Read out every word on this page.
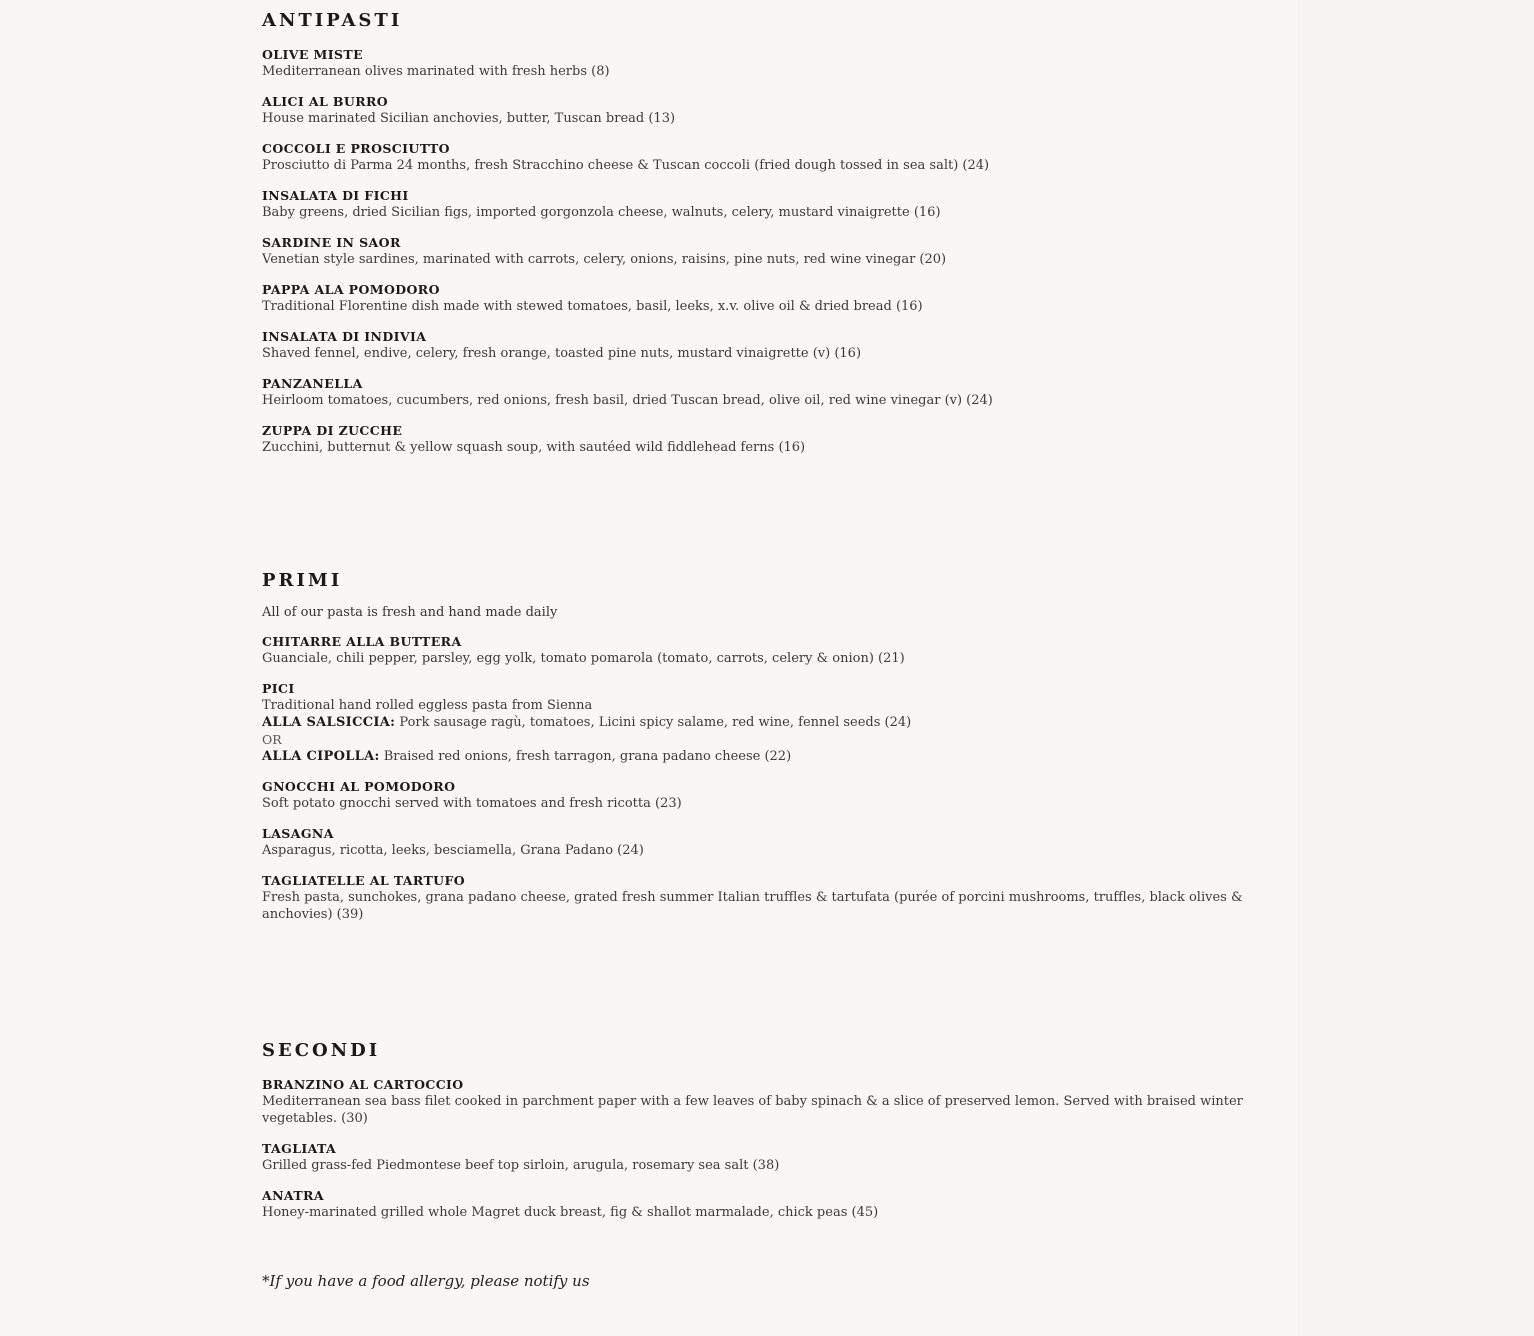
ANTIPASTI
OLIVE MISTE
Mediterranean olives marinated with fresh herbs (8)
ALICI AL BURRO
House marinated Sicilian anchovies, butter, Tuscan bread (13)
COCCOLI E PROSCIUTTO
Prosciutto di Parma 24 months, fresh Stracchino cheese & Tuscan coccoli (fried dough tossed in sea salt) (24)
INSALATA DI FICHI
Baby greens, dried Sicilian figs, imported gorgonzola cheese, walnuts, celery, mustard vinaigrette (16)
SARDINE IN SAOR
Venetian style sardines, marinated with carrots, celery, onions, raisins, pine nuts, red wine vinegar (20)
PAPPA ALA POMODORO
Traditional Florentine dish made with stewed tomatoes, basil, leeks, x.v. olive oil & dried bread (16)
INSALATA DI INDIVIA
Shaved fennel, endive, celery, fresh orange, toasted pine nuts, mustard vinaigrette (v) (16)
PANZANELLA
Heirloom tomatoes, cucumbers, red onions, fresh basil, dried Tuscan bread, olive oil, red wine vinegar (v) (24)
ZUPPA DI ZUCCHE
Zucchini, butternut & yellow squash soup, with sautéed wild fiddlehead ferns (16)
PRIMI
All of our pasta is fresh and hand made daily
CHITARRE ALLA BUTTERA
Guanciale, chili pepper, parsley, egg yolk, tomato pomarola (tomato, carrots, celery & onion) (21)
PICI
Traditional hand rolled eggless pasta from Sienna
ALLA SALSICCIA: Pork sausage ragù, tomatoes, Licini spicy salame, red wine, fennel seeds (24)
OR
ALLA CIPOLLA: Braised red onions, fresh tarragon, grana padano cheese (22)
GNOCCHI AL POMODORO
Soft potato gnocchi served with tomatoes and fresh ricotta (23)
LASAGNA
Asparagus, ricotta, leeks, besciamella, Grana Padano (24)
TAGLIATELLE AL TARTUFO
Fresh pasta, sunchokes, grana padano cheese, grated fresh summer Italian truffles & tartufata (purée of porcini mushrooms, truffles, black olives & anchovies) (39)
SECONDI
BRANZINO AL CARTOCCIO
Mediterranean sea bass filet cooked in parchment paper with a few leaves of baby spinach & a slice of preserved lemon. Served with braised winter vegetables. (30)
TAGLIATA
Grilled grass-fed Piedmontese beef top sirloin, arugula, rosemary sea salt (38)
ANATRA
Honey-marinated grilled whole Magret duck breast, fig & shallot marmalade, chick peas (45)
*If you have a food allergy, please notify us
